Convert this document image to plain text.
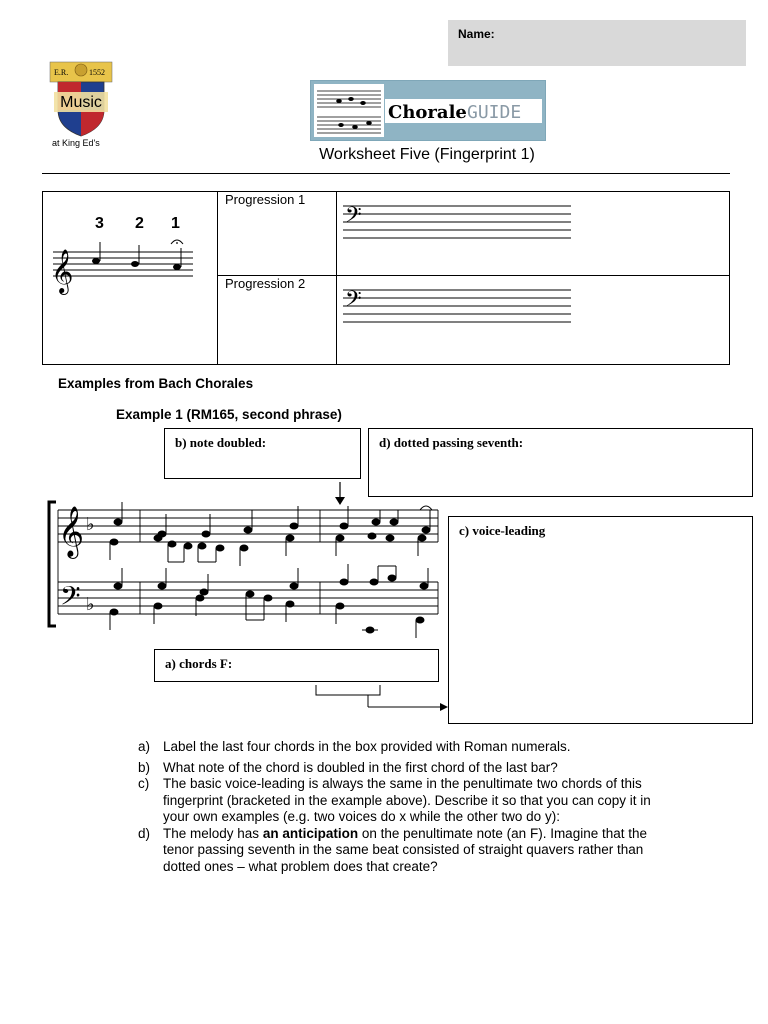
Name:
E.R.	1552
Music
at King Ed's
Chorale GUIDE
Worksheet Five (Fingerprint 1)
3 2 1
𝄞	Progression 1	𝄢

	Progression 2	𝄢
Examples from Bach Chorales
Example 1 (RM165, second phrase)
b) note doubled:	d) dotted passing seventh:
c) voice-leading
a) chords F:
𝄞 ♭
𝄢 ♭
a) Label the last four chords in the box provided with Roman numerals.
b) What note of the chord is doubled in the first chord of the last bar?
c) The basic voice-leading is always the same in the penultimate two chords of this fingerprint (bracketed in the example above). Describe it so that you can copy it in your own examples (e.g. two voices do x while the other two do y):
d) The melody has an anticipation on the penultimate note (an F). Imagine that the tenor passing seventh in the same beat consisted of straight quavers rather than dotted ones – what problem does that create?
